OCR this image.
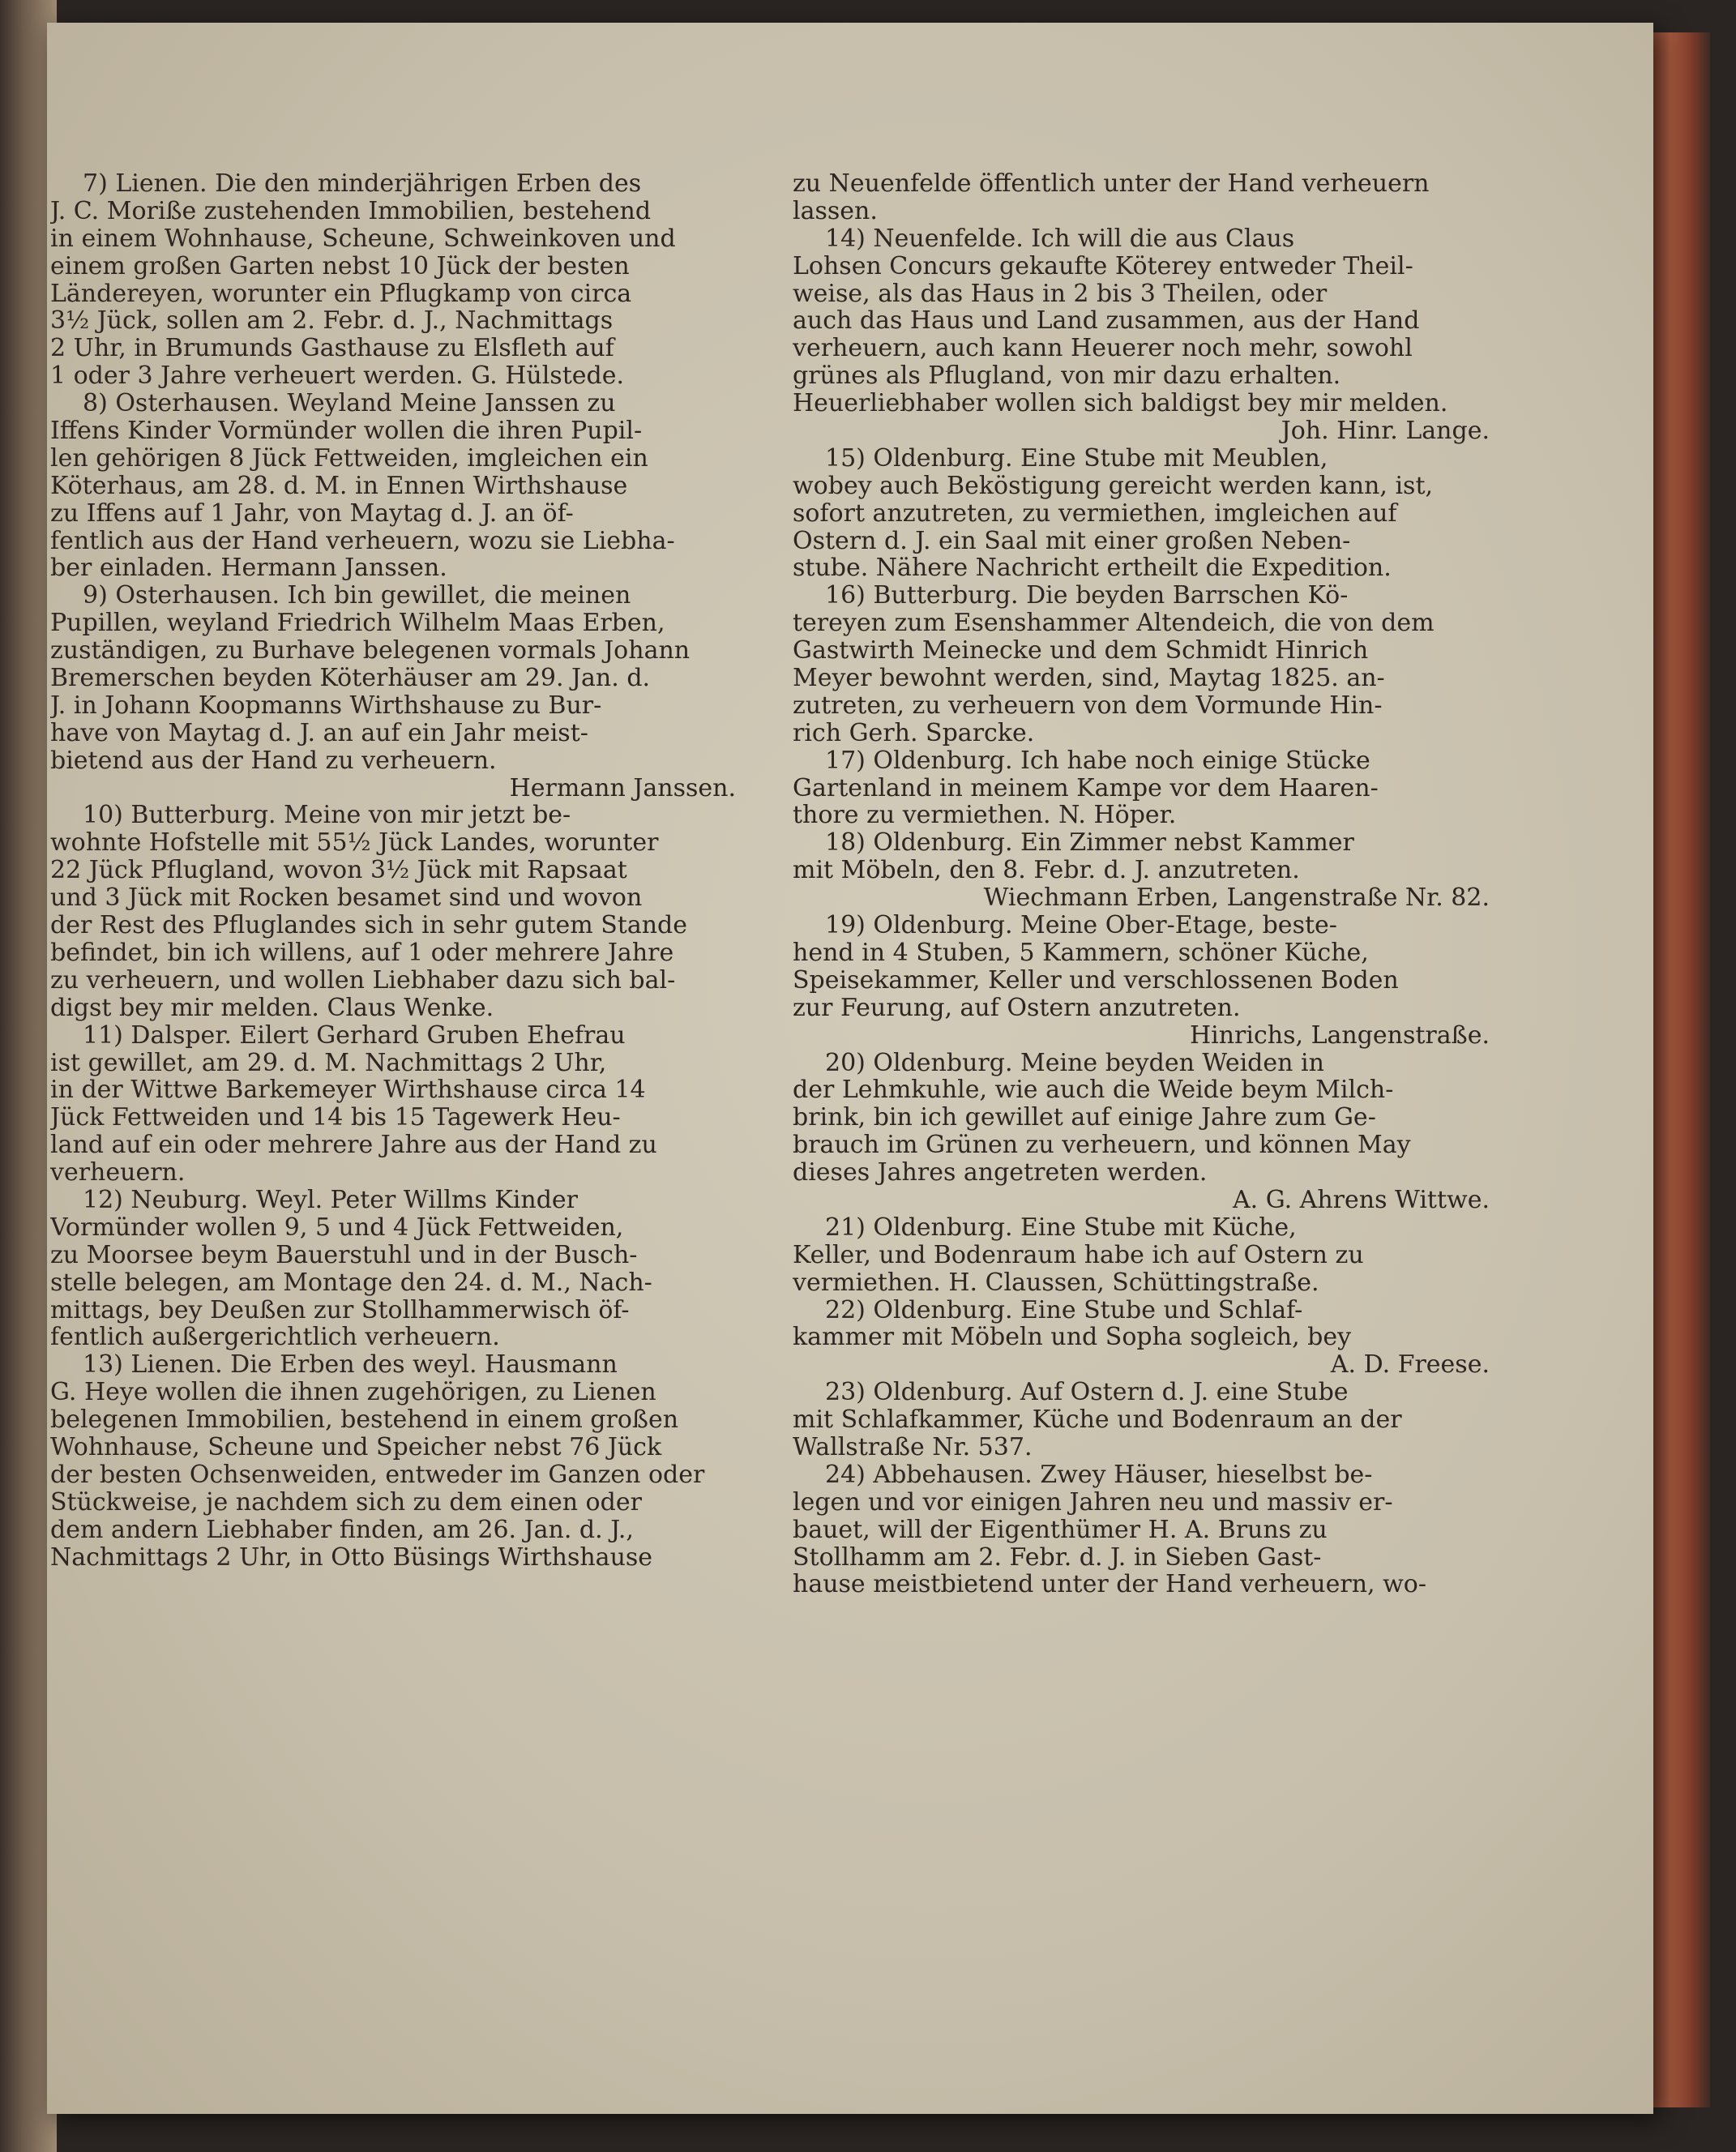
7) Lienen. Die den minderjährigen Erben des
J. C. Moriße zustehenden Immobilien, bestehend
in einem Wohnhause, Scheune, Schweinkoven und
einem großen Garten nebst 10 Jück der besten
Ländereyen, worunter ein Pflugkamp von circa
3½ Jück, sollen am 2. Febr. d. J., Nachmittags
2 Uhr, in Brumunds Gasthause zu Elsfleth auf
1 oder 3 Jahre verheuert werden. G. Hülstede.
8) Osterhausen. Weyland Meine Janssen zu
Iffens Kinder Vormünder wollen die ihren Pupil-
len gehörigen 8 Jück Fettweiden, imgleichen ein
Köterhaus, am 28. d. M. in Ennen Wirthshause
zu Iffens auf 1 Jahr, von Maytag d. J. an öf-
fentlich aus der Hand verheuern, wozu sie Liebha-
ber einladen. Hermann Janssen.
9) Osterhausen. Ich bin gewillet, die meinen
Pupillen, weyland Friedrich Wilhelm Maas Erben,
zuständigen, zu Burhave belegenen vormals Johann
Bremerschen beyden Köterhäuser am 29. Jan. d.
J. in Johann Koopmanns Wirthshause zu Bur-
have von Maytag d. J. an auf ein Jahr meist-
bietend aus der Hand zu verheuern.
Hermann Janssen.
10) Butterburg. Meine von mir jetzt be-
wohnte Hofstelle mit 55½ Jück Landes, worunter
22 Jück Pflugland, wovon 3½ Jück mit Rapsaat
und 3 Jück mit Rocken besamet sind und wovon
der Rest des Pfluglandes sich in sehr gutem Stande
befindet, bin ich willens, auf 1 oder mehrere Jahre
zu verheuern, und wollen Liebhaber dazu sich bal-
digst bey mir melden. Claus Wenke.
11) Dalsper. Eilert Gerhard Gruben Ehefrau
ist gewillet, am 29. d. M. Nachmittags 2 Uhr,
in der Wittwe Barkemeyer Wirthshause circa 14
Jück Fettweiden und 14 bis 15 Tagewerk Heu-
land auf ein oder mehrere Jahre aus der Hand zu
verheuern.
12) Neuburg. Weyl. Peter Willms Kinder
Vormünder wollen 9, 5 und 4 Jück Fettweiden,
zu Moorsee beym Bauerstuhl und in der Busch-
stelle belegen, am Montage den 24. d. M., Nach-
mittags, bey Deußen zur Stollhammerwisch öf-
fentlich außergerichtlich verheuern.
13) Lienen. Die Erben des weyl. Hausmann
G. Heye wollen die ihnen zugehörigen, zu Lienen
belegenen Immobilien, bestehend in einem großen
Wohnhause, Scheune und Speicher nebst 76 Jück
der besten Ochsenweiden, entweder im Ganzen oder
Stückweise, je nachdem sich zu dem einen oder
dem andern Liebhaber finden, am 26. Jan. d. J.,
Nachmittags 2 Uhr, in Otto Büsings Wirthshause
zu Neuenfelde öffentlich unter der Hand verheuern
lassen.
14) Neuenfelde. Ich will die aus Claus
Lohsen Concurs gekaufte Köterey entweder Theil-
weise, als das Haus in 2 bis 3 Theilen, oder
auch das Haus und Land zusammen, aus der Hand
verheuern, auch kann Heuerer noch mehr, sowohl
grünes als Pflugland, von mir dazu erhalten.
Heuerliebhaber wollen sich baldigst bey mir melden.
Joh. Hinr. Lange.
15) Oldenburg. Eine Stube mit Meublen,
wobey auch Beköstigung gereicht werden kann, ist,
sofort anzutreten, zu vermiethen, imgleichen auf
Ostern d. J. ein Saal mit einer großen Neben-
stube. Nähere Nachricht ertheilt die Expedition.
16) Butterburg. Die beyden Barrschen Kö-
tereyen zum Esenshammer Altendeich, die von dem
Gastwirth Meinecke und dem Schmidt Hinrich
Meyer bewohnt werden, sind, Maytag 1825. an-
zutreten, zu verheuern von dem Vormunde Hin-
rich Gerh. Sparcke.
17) Oldenburg. Ich habe noch einige Stücke
Gartenland in meinem Kampe vor dem Haaren-
thore zu vermiethen. N. Höper.
18) Oldenburg. Ein Zimmer nebst Kammer
mit Möbeln, den 8. Febr. d. J. anzutreten.
Wiechmann Erben, Langenstraße Nr. 82.
19) Oldenburg. Meine Ober-Etage, beste-
hend in 4 Stuben, 5 Kammern, schöner Küche,
Speisekammer, Keller und verschlossenen Boden
zur Feurung, auf Ostern anzutreten.
Hinrichs, Langenstraße.
20) Oldenburg. Meine beyden Weiden in
der Lehmkuhle, wie auch die Weide beym Milch-
brink, bin ich gewillet auf einige Jahre zum Ge-
brauch im Grünen zu verheuern, und können May
dieses Jahres angetreten werden.
A. G. Ahrens Wittwe.
21) Oldenburg. Eine Stube mit Küche,
Keller, und Bodenraum habe ich auf Ostern zu
vermiethen. H. Claussen, Schüttingstraße.
22) Oldenburg. Eine Stube und Schlaf-
kammer mit Möbeln und Sopha sogleich, bey
A. D. Freese.
23) Oldenburg. Auf Ostern d. J. eine Stube
mit Schlafkammer, Küche und Bodenraum an der
Wallstraße Nr. 537.
24) Abbehausen. Zwey Häuser, hieselbst be-
legen und vor einigen Jahren neu und massiv er-
bauet, will der Eigenthümer H. A. Bruns zu
Stollhamm am 2. Febr. d. J. in Sieben Gast-
hause meistbietend unter der Hand verheuern, wo-
